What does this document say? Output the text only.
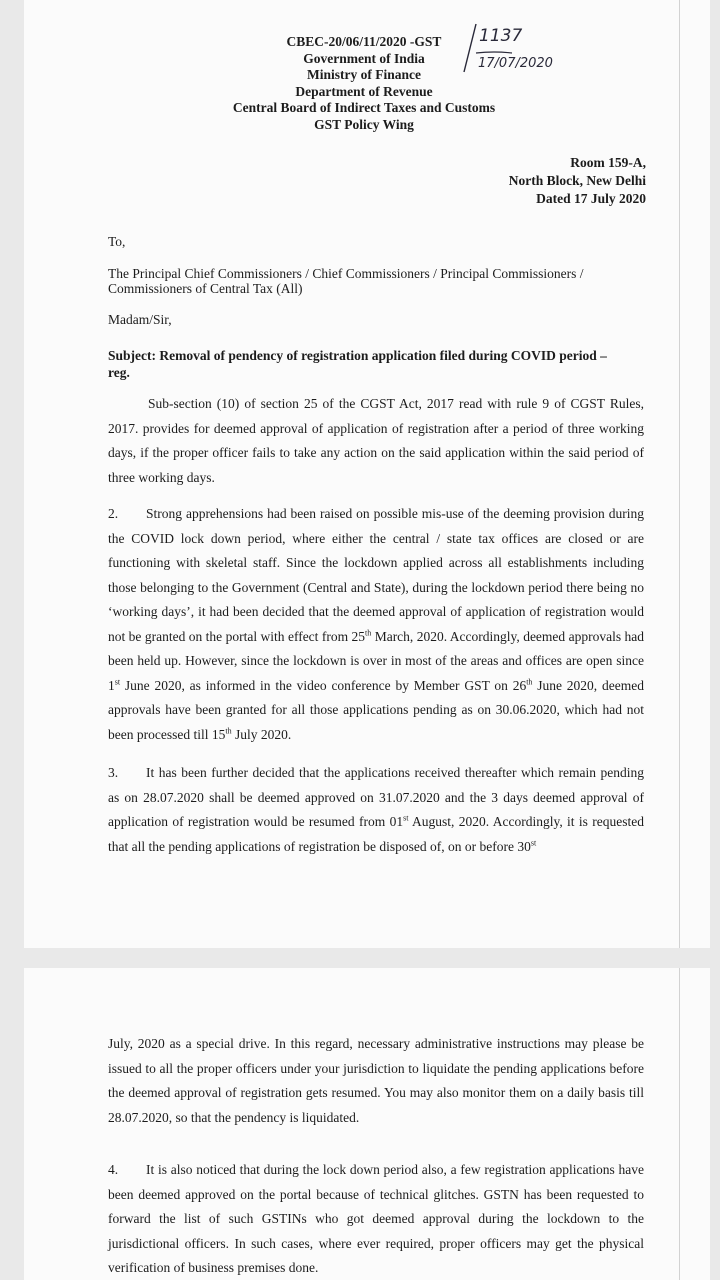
CBEC-20/06/11/2020 -GST
Government of India
Ministry of Finance
Department of Revenue
Central Board of Indirect Taxes and Customs
GST Policy Wing
1137
17/07/2020
Room 159-A,
North Block, New Delhi
Dated 17 July 2020
To,
The Principal Chief Commissioners / Chief Commissioners / Principal Commissioners /
Commissioners of Central Tax (All)
Madam/Sir,
Subject: Removal of pendency of registration application filed during COVID period –
reg.
Sub-section (10) of section 25 of the CGST Act, 2017 read with rule 9 of CGST Rules, 2017. provides for deemed approval of application of registration after a period of three working days, if the proper officer fails to take any action on the said application within the said period of three working days.
2. Strong apprehensions had been raised on possible mis-use of the deeming provision during the COVID lock down period, where either the central / state tax offices are closed or are functioning with skeletal staff. Since the lockdown applied across all establishments including those belonging to the Government (Central and State), during the lockdown period there being no ‘working days’, it had been decided that the deemed approval of application of registration would not be granted on the portal with effect from 25th March, 2020. Accordingly, deemed approvals had been held up. However, since the lockdown is over in most of the areas and offices are open since 1st June 2020, as informed in the video conference by Member GST on 26th June 2020, deemed approvals have been granted for all those applications pending as on 30.06.2020, which had not been processed till 15th July 2020.
3. It has been further decided that the applications received thereafter which remain pending as on 28.07.2020 shall be deemed approved on 31.07.2020 and the 3 days deemed approval of application of registration would be resumed from 01st August, 2020. Accordingly, it is requested that all the pending applications of registration be disposed of, on or before 30st
July, 2020 as a special drive. In this regard, necessary administrative instructions may please be issued to all the proper officers under your jurisdiction to liquidate the pending applications before the deemed approval of registration gets resumed. You may also monitor them on a daily basis till 28.07.2020, so that the pendency is liquidated.
4. It is also noticed that during the lock down period also, a few registration applications have been deemed approved on the portal because of technical glitches. GSTN has been requested to forward the list of such GSTINs who got deemed approval during the lockdown to the jurisdictional officers. In such cases, where ever required, proper officers may get the physical verification of business premises done.
